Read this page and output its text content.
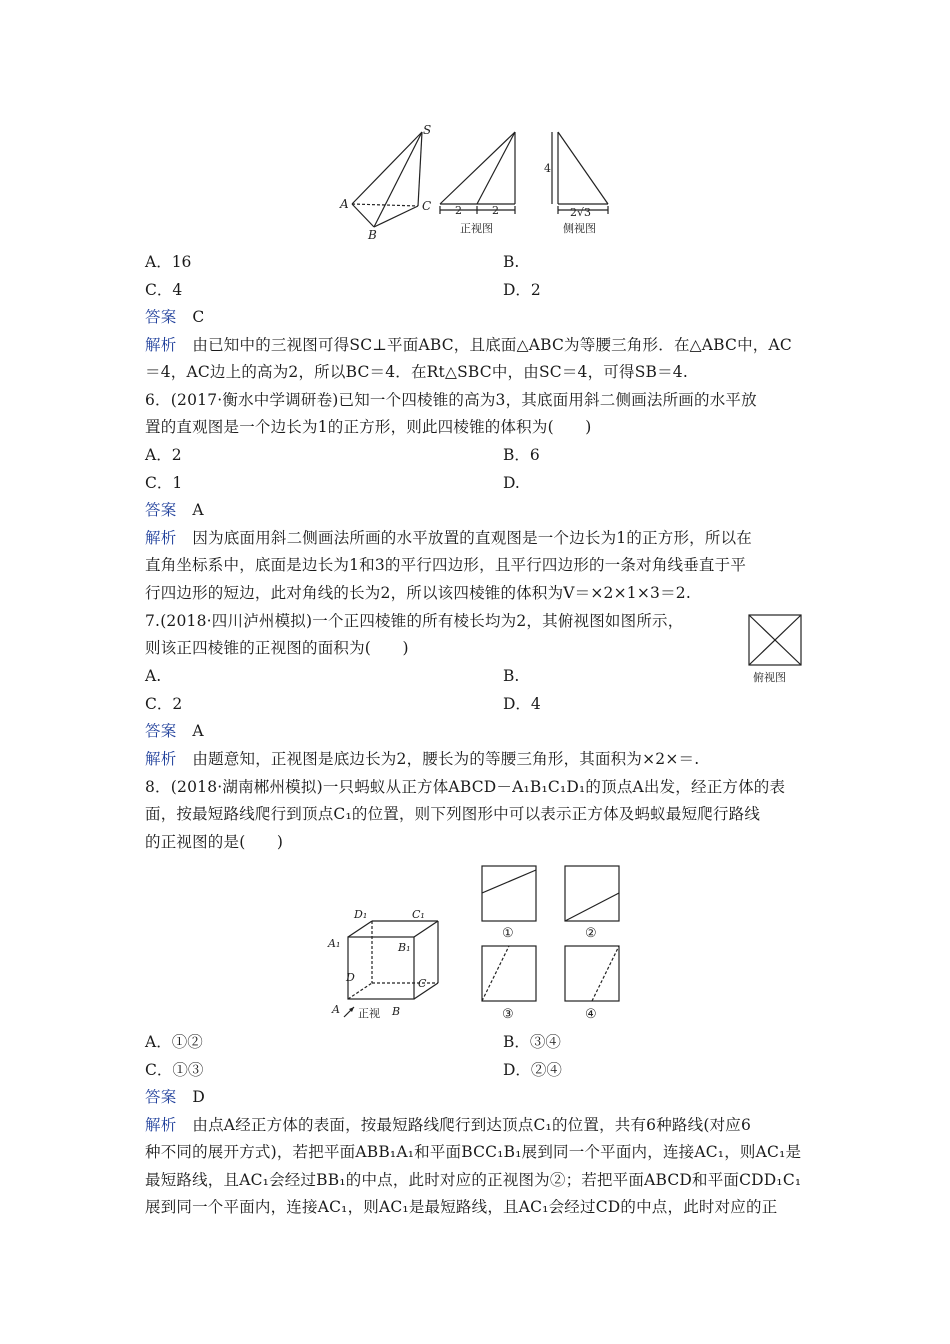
S
A
B
C 2	2
正视图
4
2√3
侧视图
A．16	B.
C．4	D．2
答案 C
解析 由已知中的三视图可得SC⊥平面ABC，且底面△ABC为等腰三角形．在△ABC中，AC
＝4，AC边上的高为2，所以BC＝4．在Rt△SBC中，由SC＝4，可得SB＝4.
6．(2017·衡水中学调研卷)已知一个四棱锥的高为3，其底面用斜二侧画法所画的水平放
置的直观图是一个边长为1的正方形，则此四棱锥的体积为(　　)
A．2	B．6
C．1	D.
答案 A
解析 因为底面用斜二侧画法所画的水平放置的直观图是一个边长为1的正方形，所以在
直角坐标系中，底面是边长为1和3的平行四边形，且平行四边形的一条对角线垂直于平
行四边形的短边，此对角线的长为2，所以该四棱锥的体积为V＝×2×1×3＝2.
7.(2018·四川泸州模拟)一个正四棱锥的所有棱长均为2，其俯视图如图所示，
则该正四棱锥的正视图的面积为(　　)
俯视图
A.	B.
C．2	D．4
答案 A
解析 由题意知，正视图是底边长为2，腰长为的等腰三角形，其面积为×2×＝.
8．(2018·湖南郴州模拟)一只蚂蚁从正方体ABCD－A₁B₁C₁D₁的顶点A出发，经正方体的表
面，按最短路线爬行到顶点C₁的位置，则下列图形中可以表示正方体及蚂蚁最短爬行路线
的正视图的是(　　)
D₁	C₁
A₁	B₁
D	C
A	B
正视
①	②
③	④
A．①②	B．③④
C．①③	D．②④
答案 D
解析 由点A经正方体的表面，按最短路线爬行到达顶点C₁的位置，共有6种路线(对应6
种不同的展开方式)，若把平面ABB₁A₁和平面BCC₁B₁展到同一个平面内，连接AC₁，则AC₁是
最短路线，且AC₁会经过BB₁的中点，此时对应的正视图为②；若把平面ABCD和平面CDD₁C₁
展到同一个平面内，连接AC₁，则AC₁是最短路线，且AC₁会经过CD的中点，此时对应的正
